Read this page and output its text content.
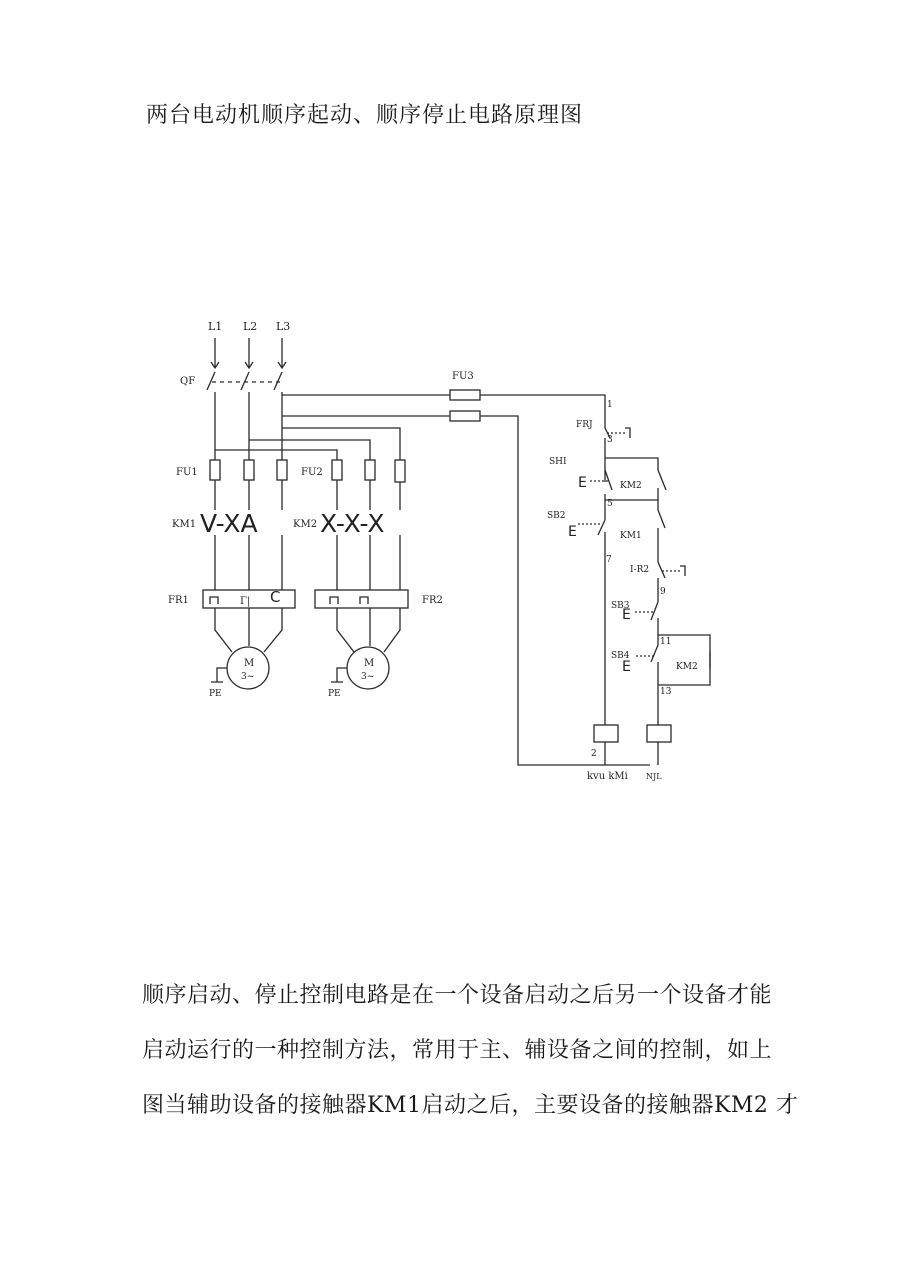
两台电动机顺序起动、顺序停止电路原理图
L1 L2 L3
QF
FU1	FU2
KM1 V-XA	KM2 X-X-X
FR1	FR2
Γ| C
M
3~
M
3~
PE	PE
FU3
FRJ
1
3
SHI
E
5
KM2
SB2
E
7
KM1
I-R2
9
SB3
E
11
SB4
E	KM2
13
2
kvu kMi NJL
顺序启动、停止控制电路是在一个设备启动之后另一个设备才能
启动运行的一种控制方法，常用于主、辅设备之间的控制，如上
图当辅助设备的接触器KM1启动之后，主要设备的接触器KM2 才
